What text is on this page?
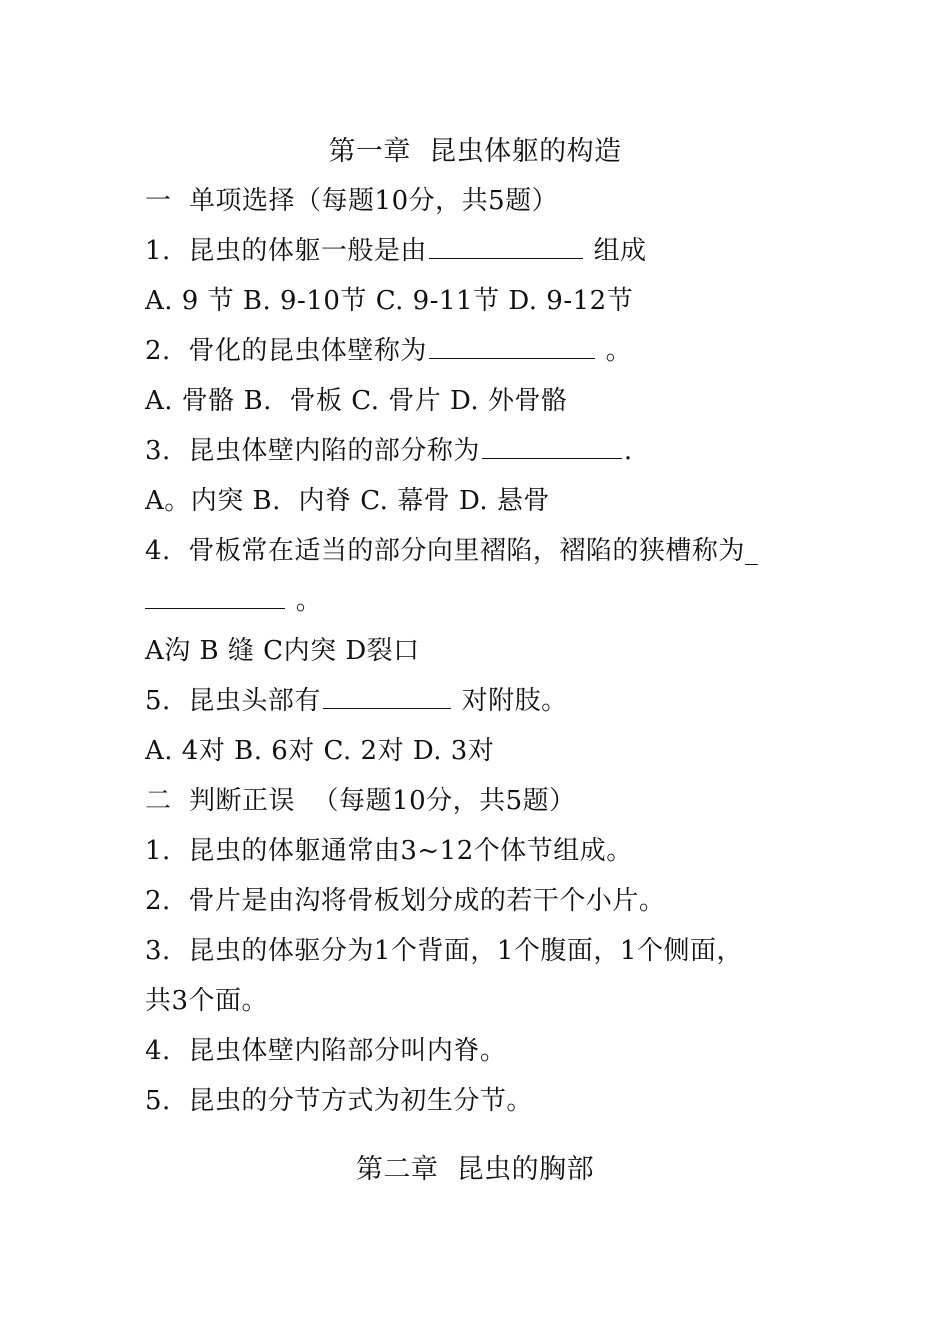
第一章  昆虫体躯的构造
一  单项选择（每题10分，共5题）
1.  昆虫的体躯一般是由	组成
A. 9 节 B. 9-10节 C. 9-11节 D. 9-12节
2.  骨化的昆虫体壁称为	。
A. 骨骼 B.  骨板 C. 骨片 D. 外骨骼
3.  昆虫体壁内陷的部分称为	.
A。内突 B.  内脊 C. 幕骨 D. 悬骨
4.  骨板常在适当的部分向里褶陷，褶陷的狭槽称为_
。
A沟 B 缝 C内突 D裂口
5.  昆虫头部有	对附肢。
A. 4对 B. 6对 C. 2对 D. 3对
二  判断正误  （每题10分，共5题）
1.  昆虫的体躯通常由3~12个体节组成。
2.  骨片是由沟将骨板划分成的若干个小片。
3.  昆虫的体驱分为1个背面，1个腹面，1个侧面，
共3个面。
4.  昆虫体壁内陷部分叫内脊。
5.  昆虫的分节方式为初生分节。
第二章  昆虫的胸部
